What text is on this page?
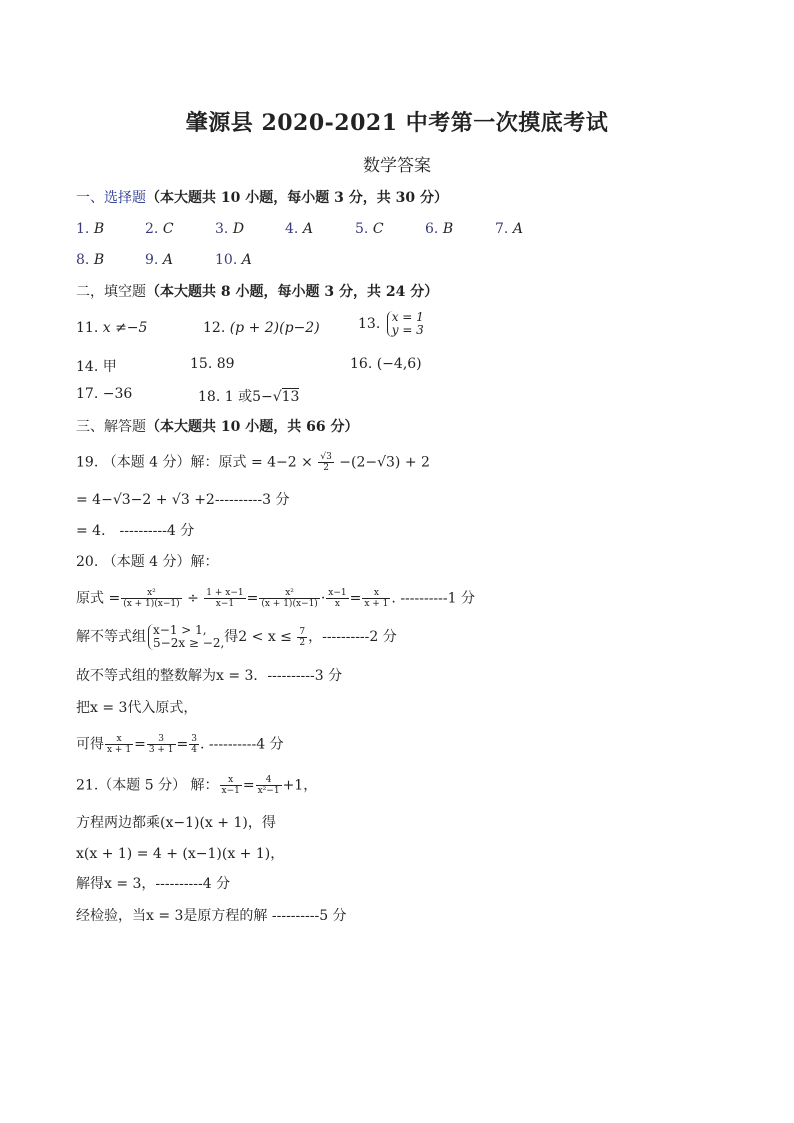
肇源县 2020-2021 中考第一次摸底考试
数学答案
一、选择题（本大题共 10 小题，每小题 3 分，共 30 分）
1. B	2. C	3. D	4. A	5. C	6. B	7. A
8. B	9. A	10. A
二，填空题（本大题共 8 小题，每小题 3 分，共 24 分）
11. x ≠−5	12. (p + 2)(p−2)	13. x = 1
y = 3
14. 甲	15. 89	16. (−4,6)
17. −36	18. 1 或5−√13
三、解答题（本大题共 10 小题，共 66 分）
19. （本题 4 分）解：原式 = $4-2 \times \frac{√3}{2} -(2-√3) + 2$
= 4−√3−2 + √3 +2----------3 分
= 4． ----------4 分
20. （本题 4 分）解：
原式 = $\frac{\text{x²}}{(x + 1)(x-1)} \div \frac{1 + x-1}{x-1} = \frac{\text{x²}}{(x + 1)(x-1)} \cdot \frac{x-1}{x} = \frac{x}{x + 1}$ . ----------1 分
解不等式组 x−1 > 1,
5−2x ≥ −2,得$2 < x \le \frac{7}{2}$ ，----------2 分
故不等式组的整数解为x = 3．----------3 分
把x = 3代入原式，
可得 $\frac{x}{x + 1} = \frac{3}{3 + 1} = \frac{3}{4}$ . ----------4 分
21.（本题 5 分） 解： $\frac{x}{x-1} = \frac{4}{\text{x²−1}} +1$，
方程两边都乘(x−1)(x + 1)，得
x(x + 1) = 4 + (x−1)(x + 1)，
解得x = 3，----------4 分
经检验，当x = 3是原方程的解 ----------5 分
